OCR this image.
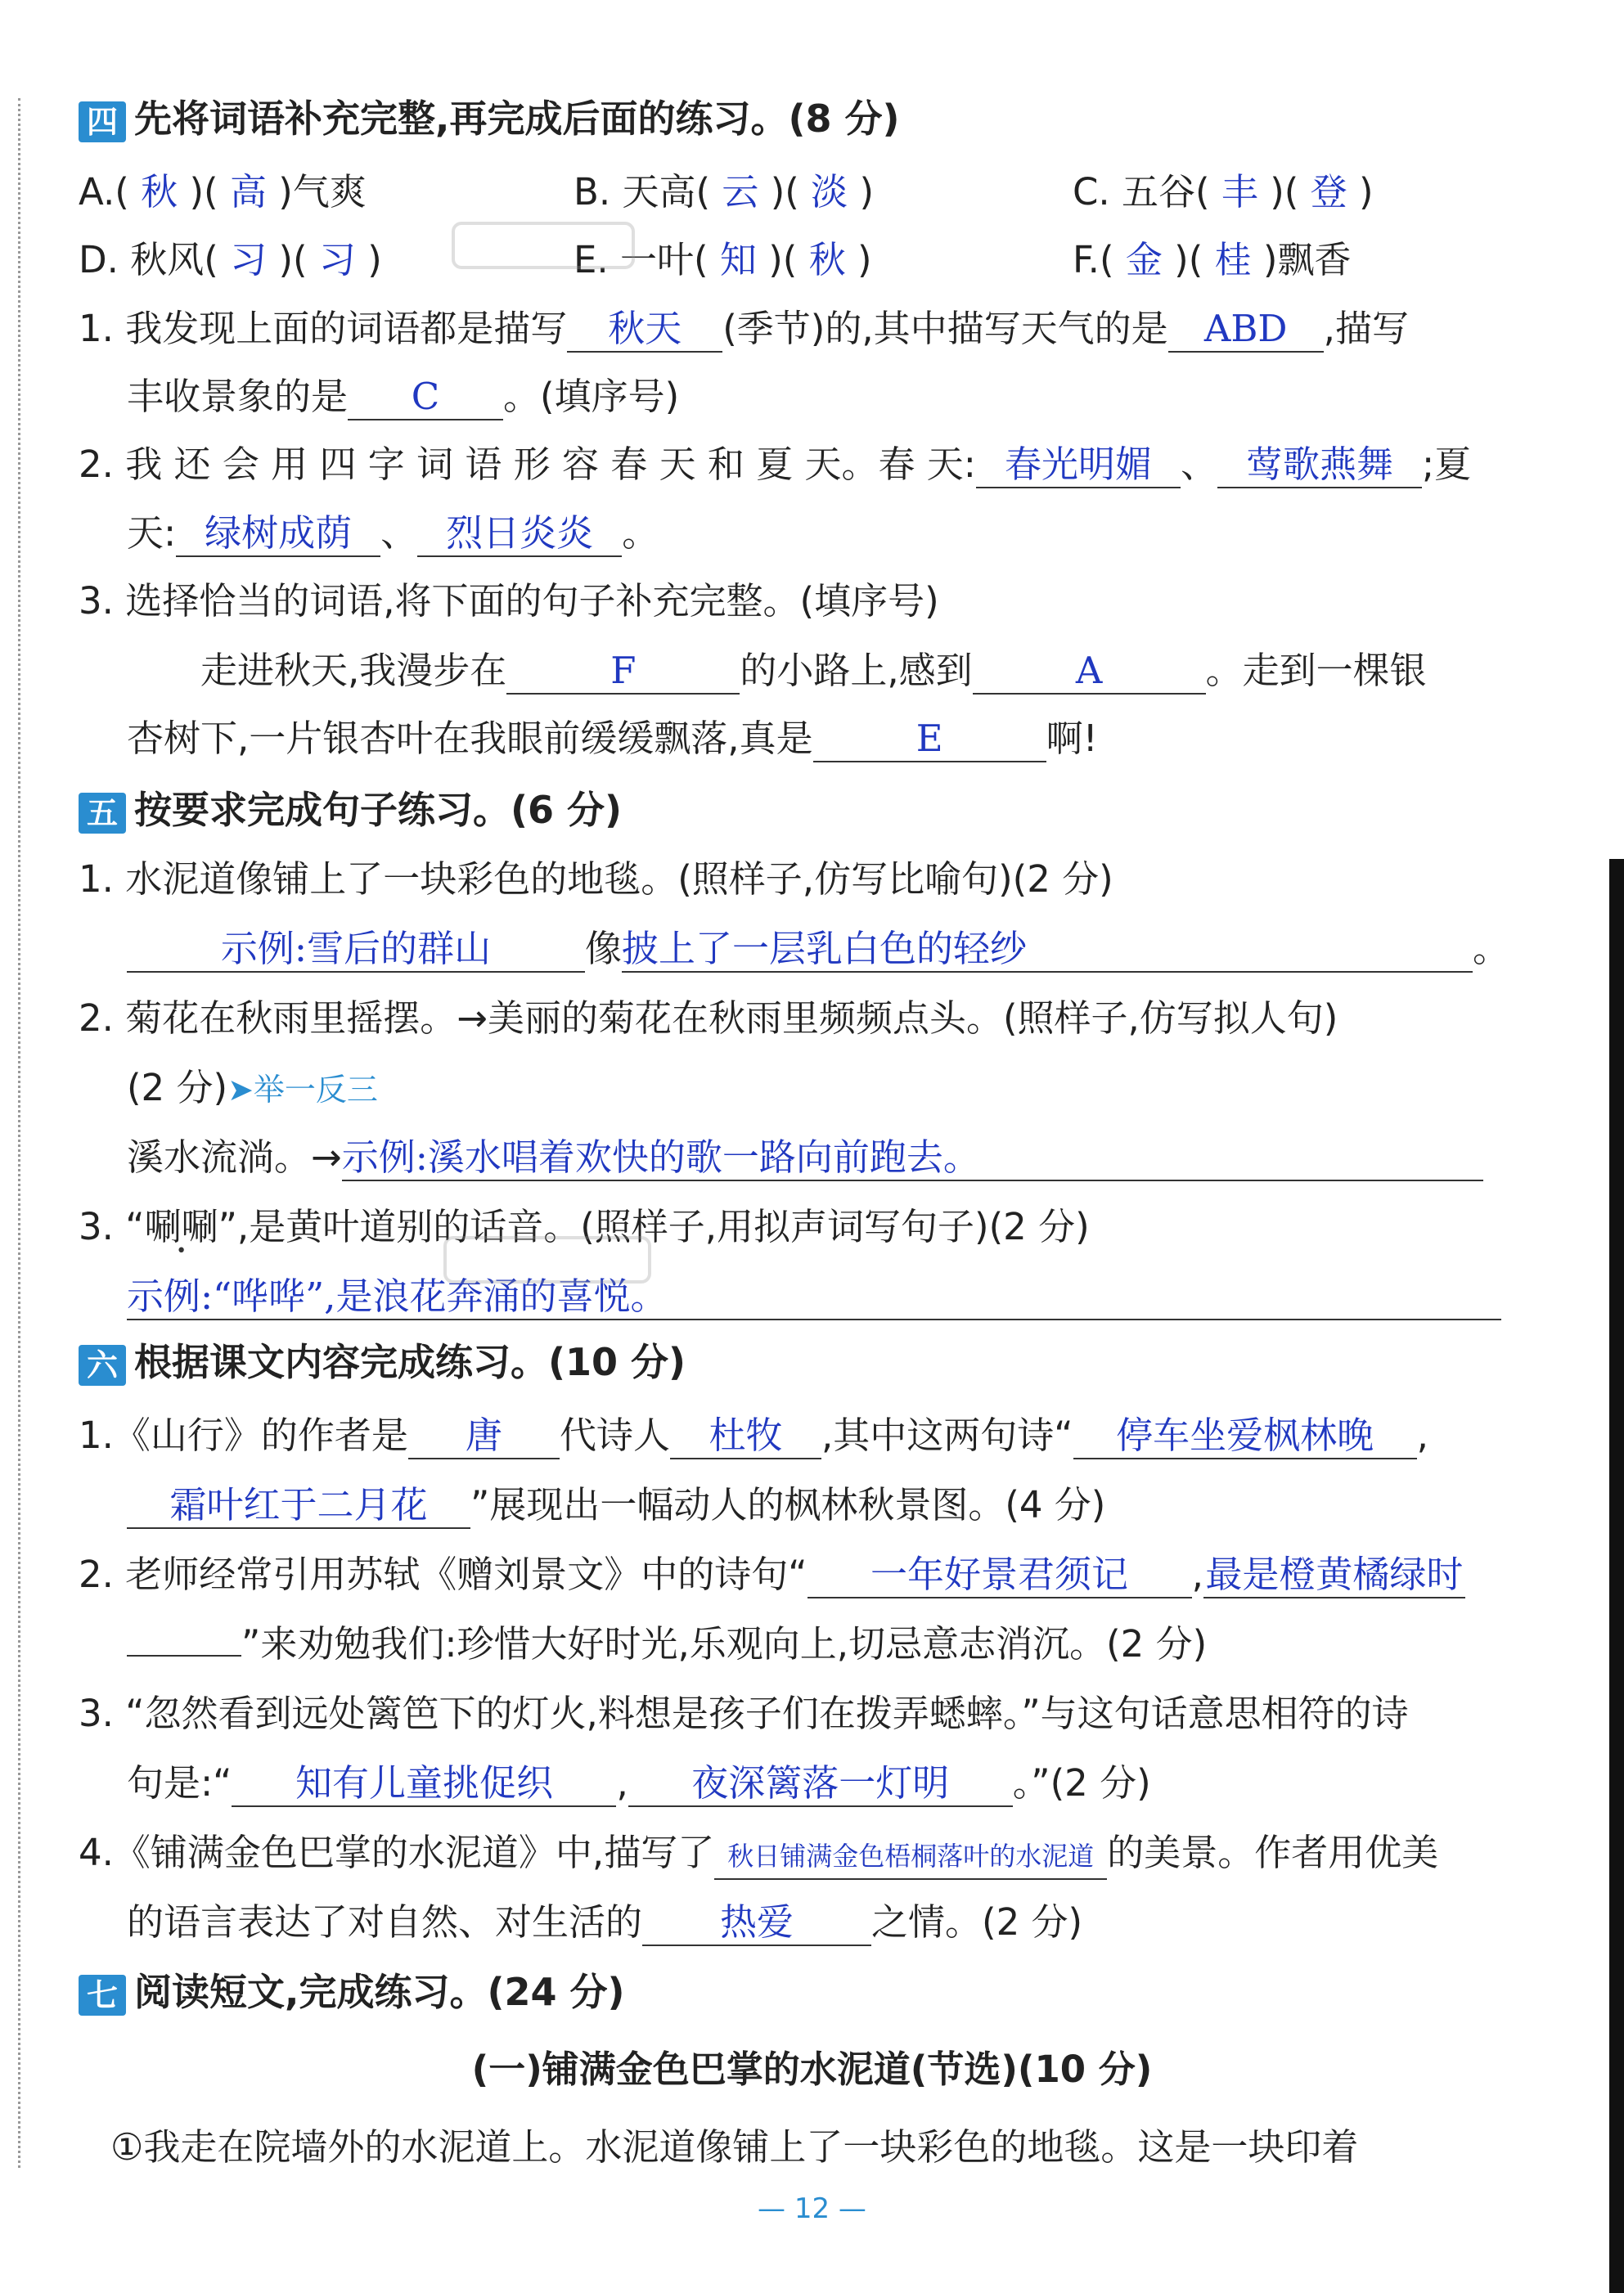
四 先将词语补充完整,再完成后面的练习。(8 分)
A.( 秋 )( 高 )气爽	B. 天高( 云 )( 淡 )	C. 五谷( 丰 )( 登 )
D. 秋风( 习 )( 习 )	E. 一叶( 知 )( 秋 )	F.( 金 )( 桂 )飘香
1. 我发现上面的词语都是描写 秋天 (季节)的,其中描写天气的是 ABD ,描写
丰收景象的是 C 。(填序号)
2. 我 还 会 用 四 字 词 语 形 容 春 天 和 夏 天。春 天: 春光明媚 、 莺歌燕舞 ;夏
天: 绿树成荫 、 烈日炎炎 。
3. 选择恰当的词语,将下面的句子补充完整。(填序号)
走进秋天,我漫步在	F	的小路上,感到	A	。走到一棵银
杏树下,一片银杏叶在我眼前缓缓飘落,真是	E	啊!
五 按要求完成句子练习。(6 分)
1. 水泥道像铺上了一块彩色的地毯。(照样子,仿写比喻句)(2 分)
示例:雪后的群山	像披上了一层乳白色的轻纱	。
2. 菊花在秋雨里摇摆。→美丽的菊花在秋雨里频频点头。(照样子,仿写拟人句)
(2 分)➤举一反三
溪水流淌。→示例:溪水唱着欢快的歌一路向前跑去。
3. “唰唰”,是黄叶道别的话音。(照样子,用拟声词写句子)(2 分)
示例:“哗哗”,是浪花奔涌的喜悦。
六 根据课文内容完成练习。(10 分)
1.《山行》的作者是 唐 代诗人 杜牧 ,其中这两句诗“ 停车坐爱枫林晚 ,
霜叶红于二月花 ”展现出一幅动人的枫林秋景图。(4 分)
2. 老师经常引用苏轼《赠刘景文》中的诗句“ 一年好景君须记 ,最是橙黄橘绿时
”来劝勉我们:珍惜大好时光,乐观向上,切忌意志消沉。(2 分)
3. “忽然看到远处篱笆下的灯火,料想是孩子们在拨弄蟋蟀。”与这句话意思相符的诗
句是:“ 知有儿童挑促织 , 夜深篱落一灯明 。”(2 分)
4.《铺满金色巴掌的水泥道》中,描写了 秋日铺满金色梧桐落叶的水泥道 的美景。作者用优美
的语言表达了对自然、对生活的 热爱 之情。(2 分)
七 阅读短文,完成练习。(24 分)
(一)铺满金色巴掌的水泥道(节选)(10 分)
①我走在院墙外的水泥道上。水泥道像铺上了一块彩色的地毯。这是一块印着
— 12 —
